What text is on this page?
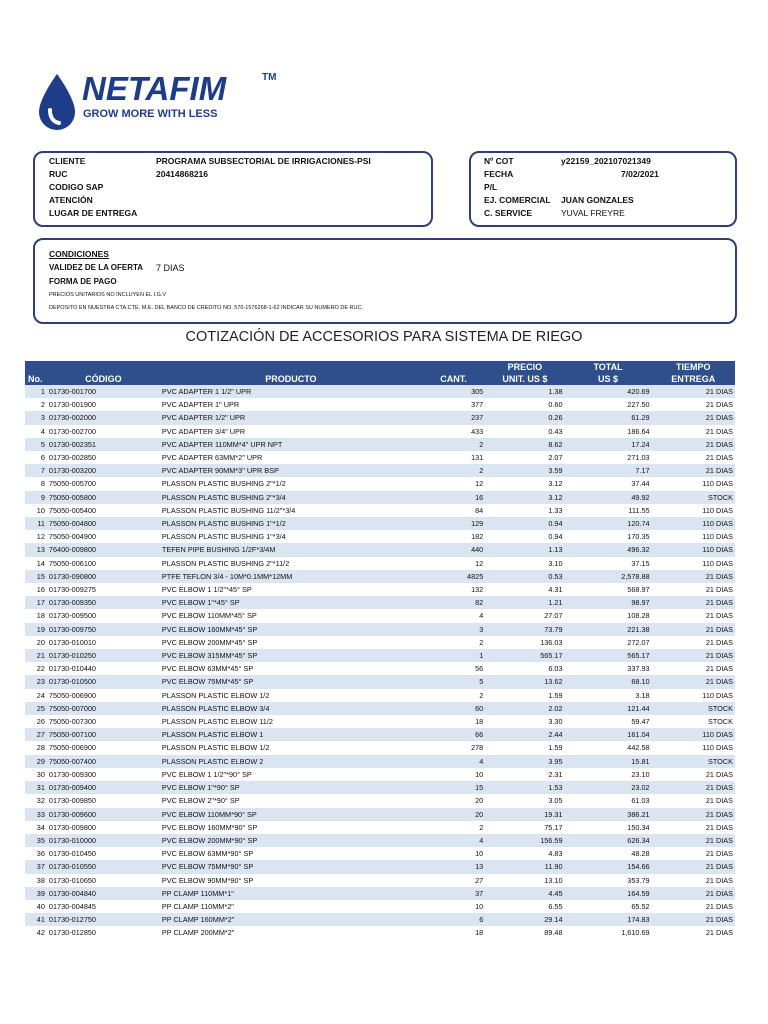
NETAFIM	TM
GROW MORE WITH LESS
CLIENTE	PROGRAMA SUBSECTORIAL DE IRRIGACIONES-PSI
RUC	20414868216
CODIGO SAP
ATENCIÓN
LUGAR DE ENTREGA
Nº COT	y22159_202107021349
FECHA	7/02/2021
P/L
EJ. COMERCIAL JUAN GONZALES
C. SERVICE	YUVAL FREYRE
CONDICIONES
VALIDEZ DE LA OFERTA 7 DIAS
FORMA DE PAGO
PRECIOS UNITARIOS NO INCLUYEN EL I.G.V
DEPOSITO EN NUESTRA CTA.CTE. M.E. DEL BANCO DE CREDITO NO. 570-1576268-1-62 INDICAR SU NUMERO DE RUC.
COTIZACIÓN DE ACCESORIOS PARA SISTEMA DE RIEGO
				PRECIO	TOTAL	TIEMPO
No.	CÓDIGO	PRODUCTO	CANT.	UNIT. US $	US $	ENTREGA
1	01730-001700	PVC ADAPTER 1 1/2" UPR	305	1.38	420.69	21 DIAS
2	01730-001900	PVC ADAPTER 1" UPR	377	0.60	227.50	21 DIAS
3	01730-002000	PVC ADAPTER 1/2" UPR	237	0.26	61.29	21 DIAS
4	01730-002700	PVC ADAPTER 3/4" UPR	433	0.43	186.64	21 DIAS
5	01730-002351	PVC ADAPTER 110MM*4" UPR NPT	2	8.62	17.24	21 DIAS
6	01730-002850	PVC ADAPTER 63MM*2" UPR	131	2.07	271.03	21 DIAS
7	01730-003200	PVC ADAPTER 90MM*3" UPR BSP	2	3.59	7.17	21 DIAS
8	75050-005700	PLASSON PLASTIC BUSHING 2"*1/2	12	3.12	37.44	110 DIAS
9	75050-005800	PLASSON PLASTIC BUSHING 2"*3/4	16	3.12	49.92	STOCK
10	75050-005400	PLASSON PLASTIC BUSHING 11/2"*3/4	84	1.33	111.55	110 DIAS
11	75050-004800	PLASSON PLASTIC BUSHING 1"*1/2	129	0.94	120.74	110 DIAS
12	75050-004900	PLASSON PLASTIC BUSHING 1"*3/4	182	0.94	170.35	110 DIAS
13	76400-009800	TEFEN PIPE BUSHING 1/2F*3/4M	440	1.13	496.32	110 DIAS
14	75050-006100	PLASSON PLASTIC BUSHING 2"*11/2	12	3.10	37.15	110 DIAS
15	01730-090800	PTFE TEFLON 3/4 - 10M*0.1MM*12MM	4825	0.53	2,578.88	21 DIAS
16	01730-009275	PVC ELBOW 1 1/2"*45° SP	132	4.31	568.97	21 DIAS
17	01730-009350	PVC ELBOW 1"*45° SP	82	1.21	98.97	21 DIAS
18	01730-009500	PVC ELBOW 110MM*45° SP	4	27.07	108.28	21 DIAS
19	01730-009750	PVC ELBOW 160MM*45° SP	3	73.79	221.38	21 DIAS
20	01730-010010	PVC ELBOW 200MM*45° SP	2	136.03	272.07	21 DIAS
21	01730-010250	PVC ELBOW 315MM*45° SP	1	565.17	565.17	21 DIAS
22	01730-010440	PVC ELBOW 63MM*45° SP	56	6.03	337.93	21 DIAS
23	01730-010500	PVC ELBOW 75MM*45° SP	5	13.62	68.10	21 DIAS
24	75050-006900	PLASSON PLASTIC ELBOW 1/2	2	1.59	3.18	110 DIAS
25	75050-007000	PLASSON PLASTIC ELBOW 3/4	60	2.02	121.44	STOCK
26	75050-007300	PLASSON PLASTIC ELBOW 11/2	18	3.30	59.47	STOCK
27	75050-007100	PLASSON PLASTIC ELBOW 1	66	2.44	161.04	110 DIAS
28	75050-006900	PLASSON PLASTIC ELBOW 1/2	278	1.59	442.58	110 DIAS
29	75050-007400	PLASSON PLASTIC ELBOW 2	4	3.95	15.81	STOCK
30	01730-009300	PVC ELBOW 1 1/2"*90° SP	10	2.31	23.10	21 DIAS
31	01730-009400	PVC ELBOW 1"*90° SP	15	1.53	23.02	21 DIAS
32	01730-009850	PVC ELBOW 2"*90° SP	20	3.05	61.03	21 DIAS
33	01730-009600	PVC ELBOW 110MM*90° SP	20	19.31	386.21	21 DIAS
34	01730-009800	PVC ELBOW 160MM*90° SP	2	75.17	150.34	21 DIAS
35	01730-010000	PVC ELBOW 200MM*90° SP	4	156.59	626.34	21 DIAS
36	01730-010450	PVC ELBOW 63MM*90° SP	10	4.83	48.28	21 DIAS
37	01730-010550	PVC ELBOW 75MM*90° SP	13	11.90	154.66	21 DIAS
38	01730-010650	PVC ELBOW 90MM*90° SP	27	13.10	353.79	21 DIAS
39	01730-004840	PP CLAMP 110MM*1"	37	4.45	164.59	21 DIAS
40	01730-004845	PP CLAMP 110MM*2"	10	6.55	65.52	21 DIAS
41	01730-012750	PP CLAMP 160MM*2"	6	29.14	174.83	21 DIAS
42	01730-012850	PP CLAMP 200MM*2"	18	89.48	1,610.69	21 DIAS
